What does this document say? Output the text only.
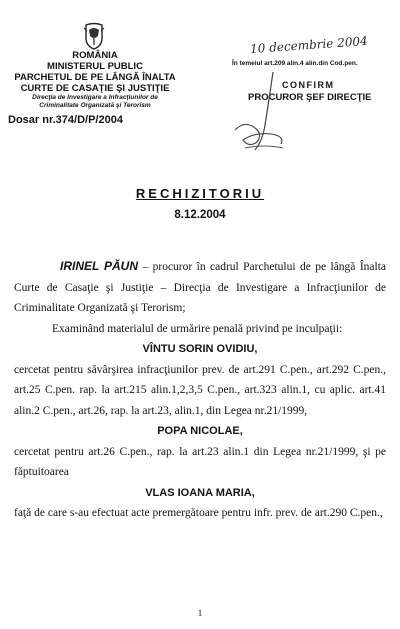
ROMÂNIA
MINISTERUL PUBLIC
PARCHETUL DE PE LÂNGĂ ÎNALTA
CURTE DE CASAŢIE ŞI JUSTIŢIE
Direcţia de Investigare a Infracţiunilor de
Criminalitate Organizată şi Terorism
Dosar nr.374/D/P/2004
10 decembrie 2004
În temeiul art.209 alin.4 alin.din Cod.pen.
CONFIRM
PROCUROR ŞEF DIRECŢIE
RECHIZITORIU
8.12.2004

IRINEL PĂUN – procuror în cadrul Parchetului de pe lângă Înalta Curte de Casaţie şi Justiţie – Direcţia de Investigare a Infracţiunilor de Criminalitate Organizată şi Terorism;

Examinând materialul de urmărire penală privind pe inculpaţii:

VÎNTU SORIN OVIDIU,

cercetat pentru săvârşirea infracţiunilor prev. de art.291 C.pen., art.292 C.pen., art.25 C.pen. rap. la art.215 alin.1,2,3,5 C.pen., art.323 alin.1, cu aplic. art.41 alin.2 C.pen., art.26, rap. la art.23, alin.1, din Legea nr.21/1999,

POPA NICOLAE,

cercetat pentru art.26 C.pen., rap. la art.23 alin.1 din Legea nr.21/1999, şi pe făptuitoarea

VLAS IOANA MARIA,

faţă de care s-au efectuat acte premergătoare pentru infr. prev. de art.290 C.pen.,

1
